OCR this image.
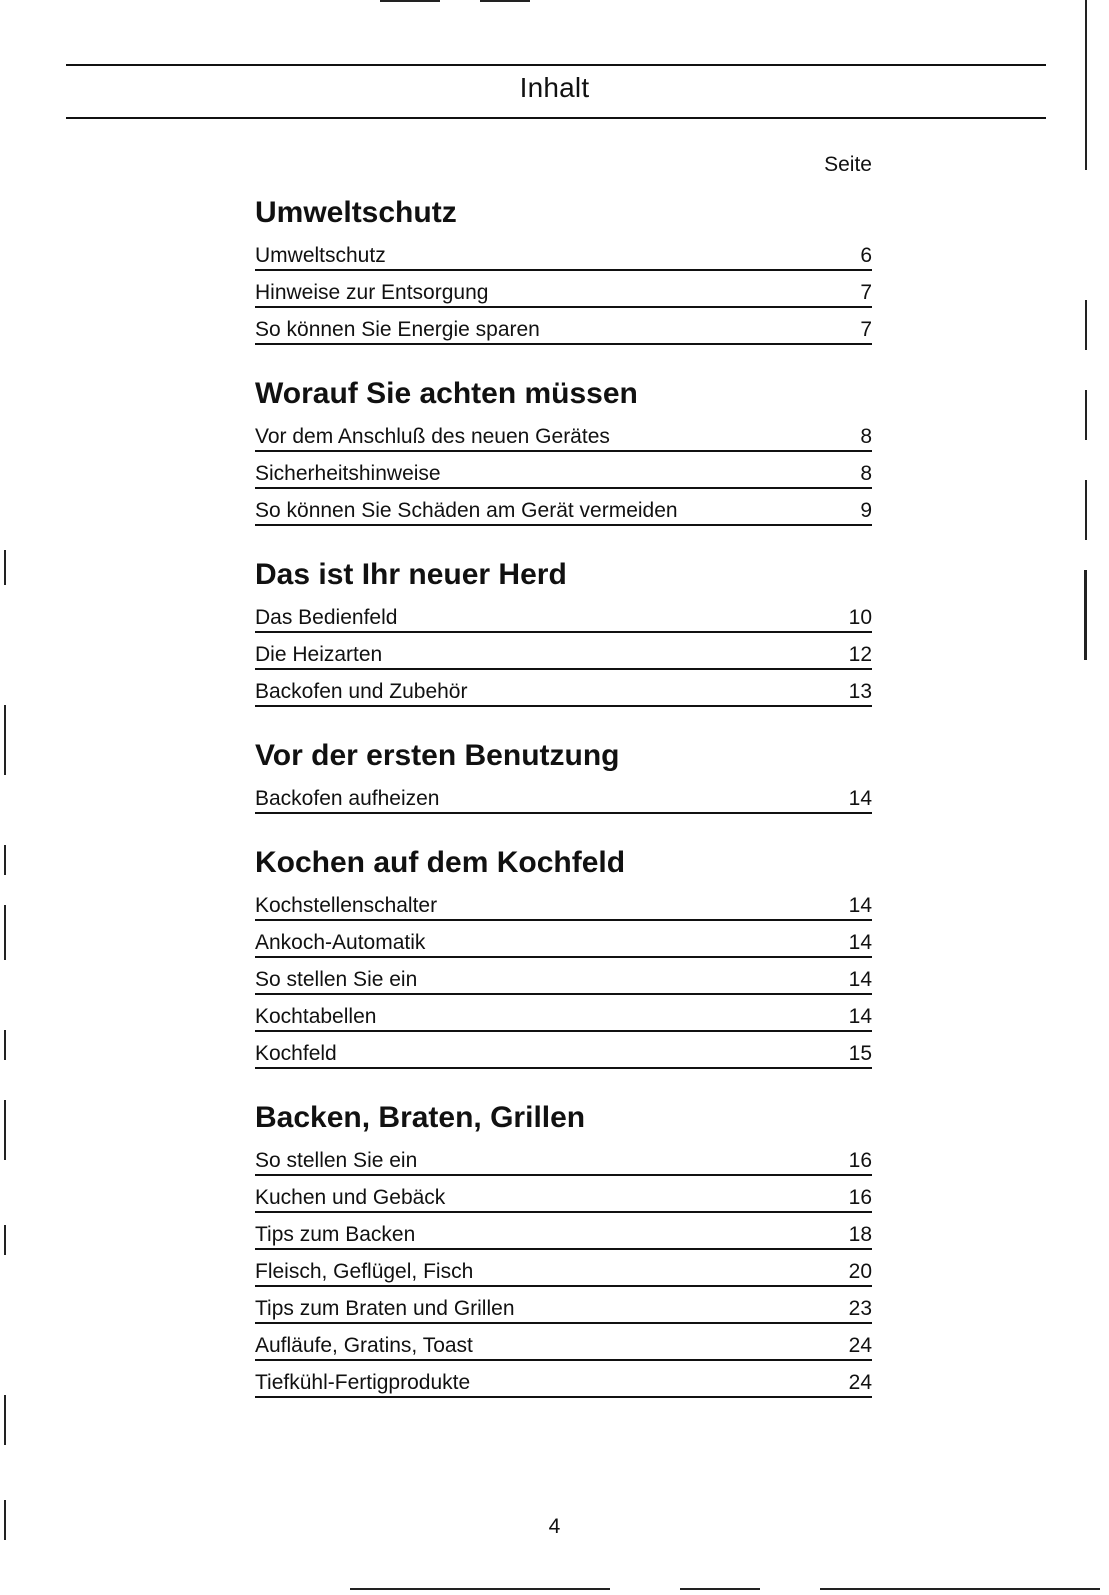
Inhalt
Seite
Umweltschutz
Umweltschutz	6
Hinweise zur Entsorgung	7
So können Sie Energie sparen	7
Worauf Sie achten müssen
Vor dem Anschluß des neuen Gerätes	8
Sicherheitshinweise	8
So können Sie Schäden am Gerät vermeiden	9
Das ist Ihr neuer Herd
Das Bedienfeld	10
Die Heizarten	12
Backofen und Zubehör	13
Vor der ersten Benutzung
Backofen aufheizen	14
Kochen auf dem Kochfeld
Kochstellenschalter	14
Ankoch-Automatik	14
So stellen Sie ein	14
Kochtabellen	14
Kochfeld	15
Backen, Braten, Grillen
So stellen Sie ein	16
Kuchen und Gebäck	16
Tips zum Backen	18
Fleisch, Geflügel, Fisch	20
Tips zum Braten und Grillen	23
Aufläufe, Gratins, Toast	24
Tiefkühl-Fertigprodukte	24
4
